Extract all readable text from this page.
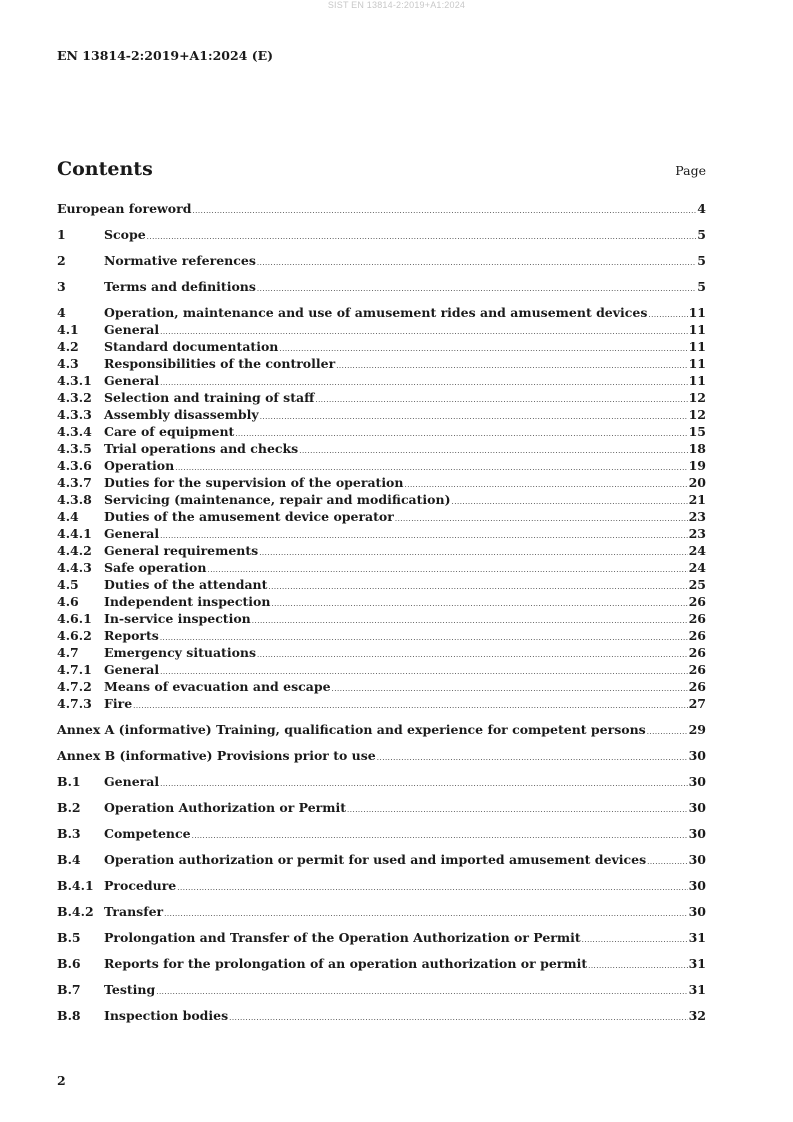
SIST EN 13814-2:2019+A1:2024
EN 13814-2:2019+A1:2024 (E)
Contents	Page
European foreword .....	4
1	Scope .....	5
2	Normative references .....	5
3	Terms and definitions .....	5
4	Operation, maintenance and use of amusement rides and amusement devices .....	11
4.1	General .....	11
4.2	Standard documentation .....	11
4.3	Responsibilities of the controller .....	11
4.3.1 General .....	11
4.3.2 Selection and training of staff .....	12
4.3.3 Assembly disassembly .....	12
4.3.4 Care of equipment .....	15
4.3.5 Trial operations and checks .....	18
4.3.6 Operation .....	19
4.3.7 Duties for the supervision of the operation .....	20
4.3.8 Servicing (maintenance, repair and modification) .....	21
4.4	Duties of the amusement device operator .....	23
4.4.1 General .....	23
4.4.2 General requirements .....	24
4.4.3 Safe operation .....	24
4.5	Duties of the attendant .....	25
4.6	Independent inspection .....	26
4.6.1 In-service inspection .....	26
4.6.2 Reports .....	26
4.7	Emergency situations .....	26
4.7.1 General .....	26
4.7.2 Means of evacuation and escape .....	26
4.7.3 Fire .....	27
Annex A (informative) Training, qualification and experience for competent persons .....	29
Annex B (informative) Provisions prior to use .....	30
B.1	General .....	30
B.2	Operation Authorization or Permit .....	30
B.3	Competence .....	30
B.4	Operation authorization or permit for used and imported amusement devices .....	30
B.4.1 Procedure .....	30
B.4.2 Transfer .....	30
B.5	Prolongation and Transfer of the Operation Authorization or Permit .....	31
B.6	Reports for the prolongation of an operation authorization or permit .....	31
B.7	Testing .....	31
B.8	Inspection bodies .....	32
2
